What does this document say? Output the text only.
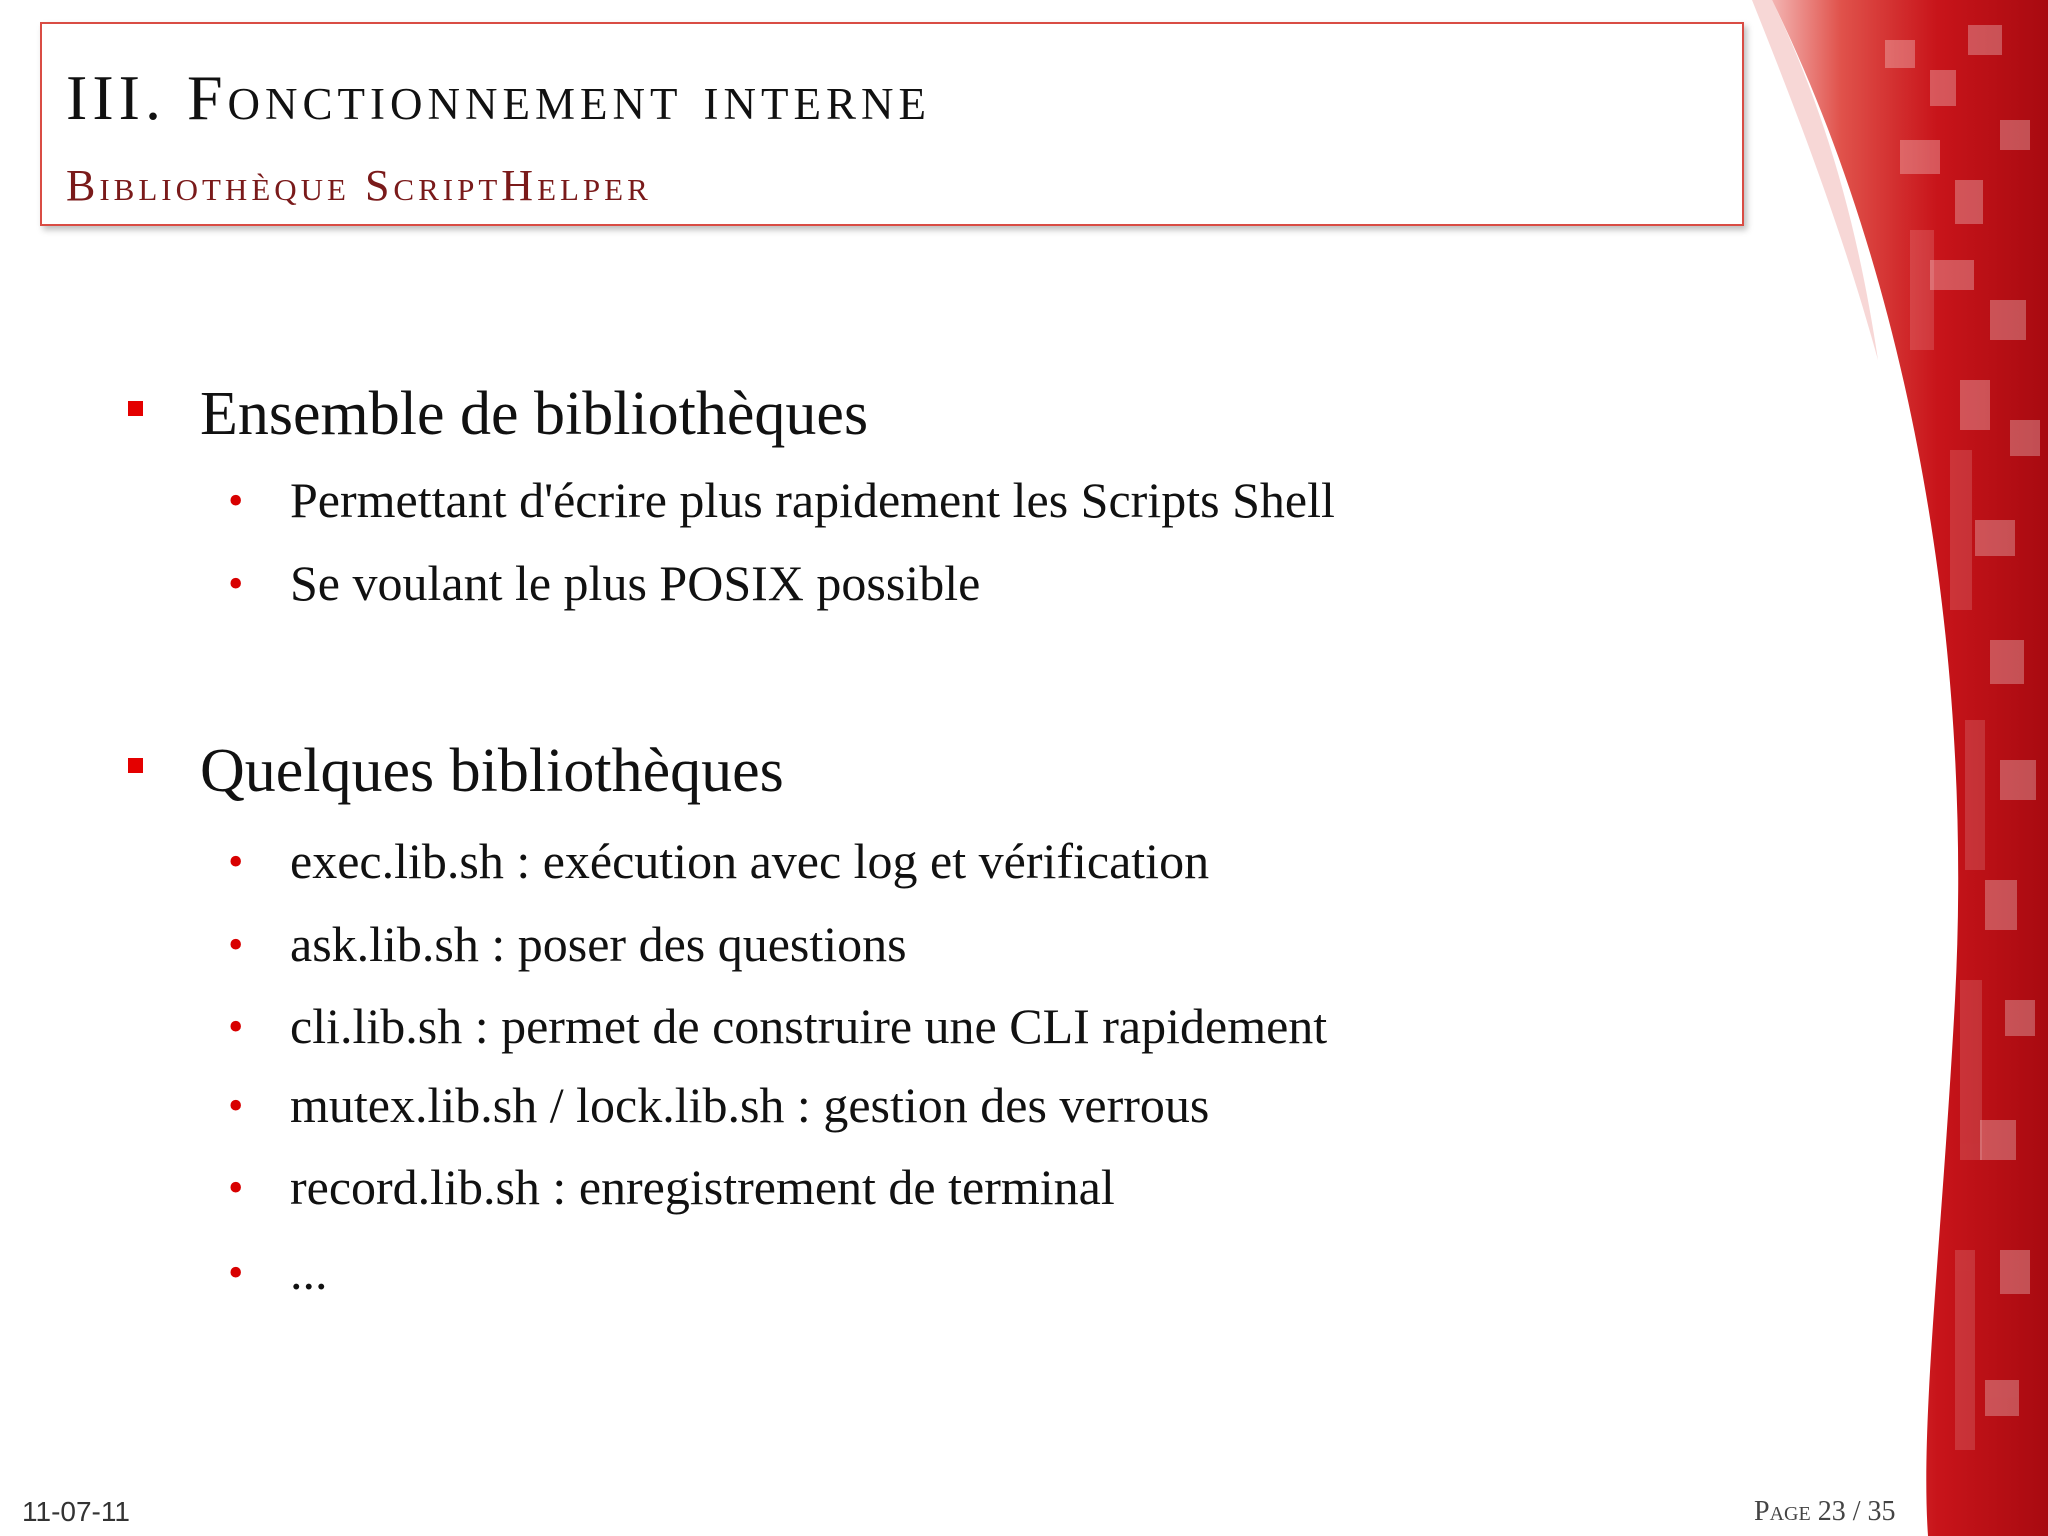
III. Fonctionnement interne
Bibliothèque ScriptHelper
Ensemble de bibliothèques
• Permettant d'écrire plus rapidement les Scripts Shell
• Se voulant le plus POSIX possible
Quelques bibliothèques
• exec.lib.sh : exécution avec log et vérification
• ask.lib.sh : poser des questions
• cli.lib.sh : permet de construire une CLI rapidement
• mutex.lib.sh / lock.lib.sh : gestion des verrous
• record.lib.sh : enregistrement de terminal
• ...
11-07-11	Page 23 / 35
